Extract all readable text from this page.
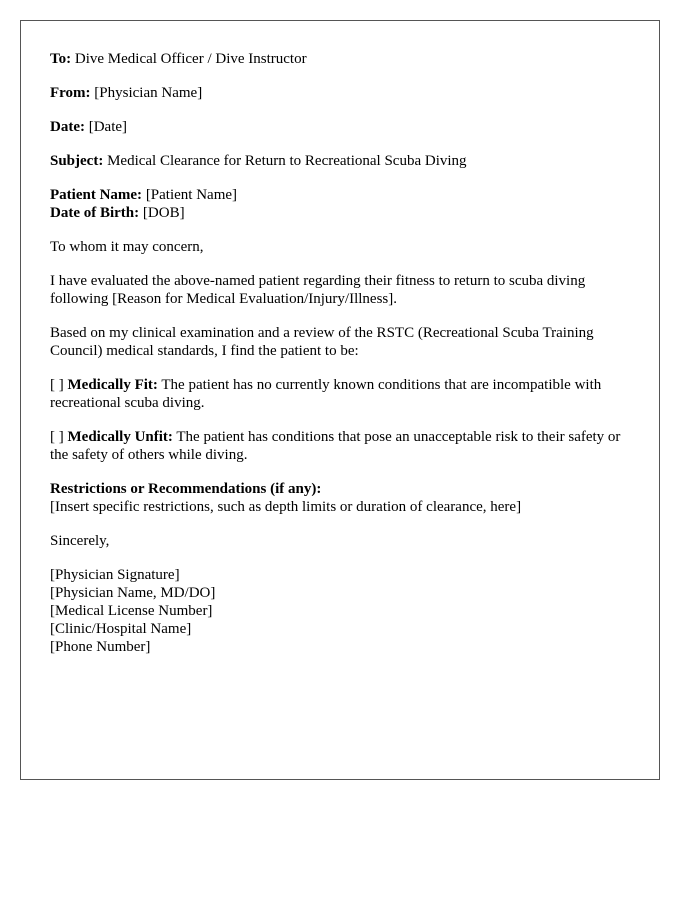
To: Dive Medical Officer / Dive Instructor

From: [Physician Name]

Date: [Date]

Subject: Medical Clearance for Return to Recreational Scuba Diving

Patient Name: [Patient Name]

Date of Birth: [DOB]

To whom it may concern,

I have evaluated the above-named patient regarding their fitness to return to scuba diving following [Reason for Medical Evaluation/Injury/Illness].

Based on my clinical examination and a review of the RSTC (Recreational Scuba Training Council) medical standards, I find the patient to be:

[ ] Medically Fit: The patient has no currently known conditions that are incompatible with recreational scuba diving.

[ ] Medically Unfit: The patient has conditions that pose an unacceptable risk to their safety or the safety of others while diving.

Restrictions or Recommendations (if any):

[Insert specific restrictions, such as depth limits or duration of clearance, here]

Sincerely,

[Physician Signature]

[Physician Name, MD/DO]

[Medical License Number]

[Clinic/Hospital Name]

[Phone Number]
